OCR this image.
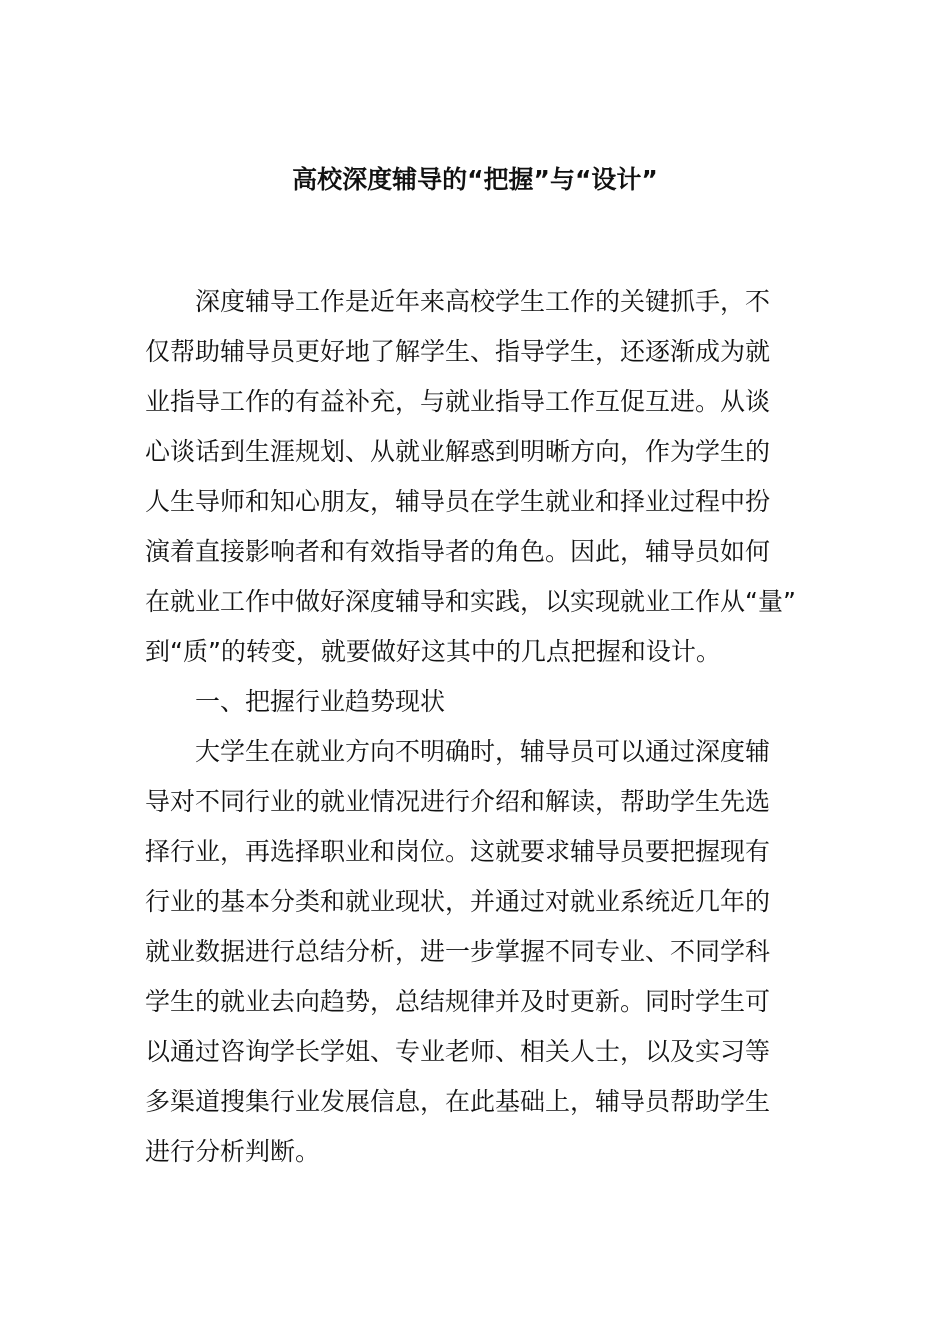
高校深度辅导的“把握”与“设计”
深度辅导工作是近年来高校学生工作的关键抓手，不
仅帮助辅导员更好地了解学生、指导学生，还逐渐成为就
业指导工作的有益补充，与就业指导工作互促互进。从谈
心谈话到生涯规划、从就业解惑到明晰方向，作为学生的
人生导师和知心朋友，辅导员在学生就业和择业过程中扮
演着直接影响者和有效指导者的角色。因此，辅导员如何
在就业工作中做好深度辅导和实践，以实现就业工作从“量”
到“质”的转变，就要做好这其中的几点把握和设计。
一、把握行业趋势现状
大学生在就业方向不明确时，辅导员可以通过深度辅
导对不同行业的就业情况进行介绍和解读，帮助学生先选
择行业，再选择职业和岗位。这就要求辅导员要把握现有
行业的基本分类和就业现状，并通过对就业系统近几年的
就业数据进行总结分析，进一步掌握不同专业、不同学科
学生的就业去向趋势，总结规律并及时更新。同时学生可
以通过咨询学长学姐、专业老师、相关人士，以及实习等
多渠道搜集行业发展信息，在此基础上，辅导员帮助学生
进行分析判断。
